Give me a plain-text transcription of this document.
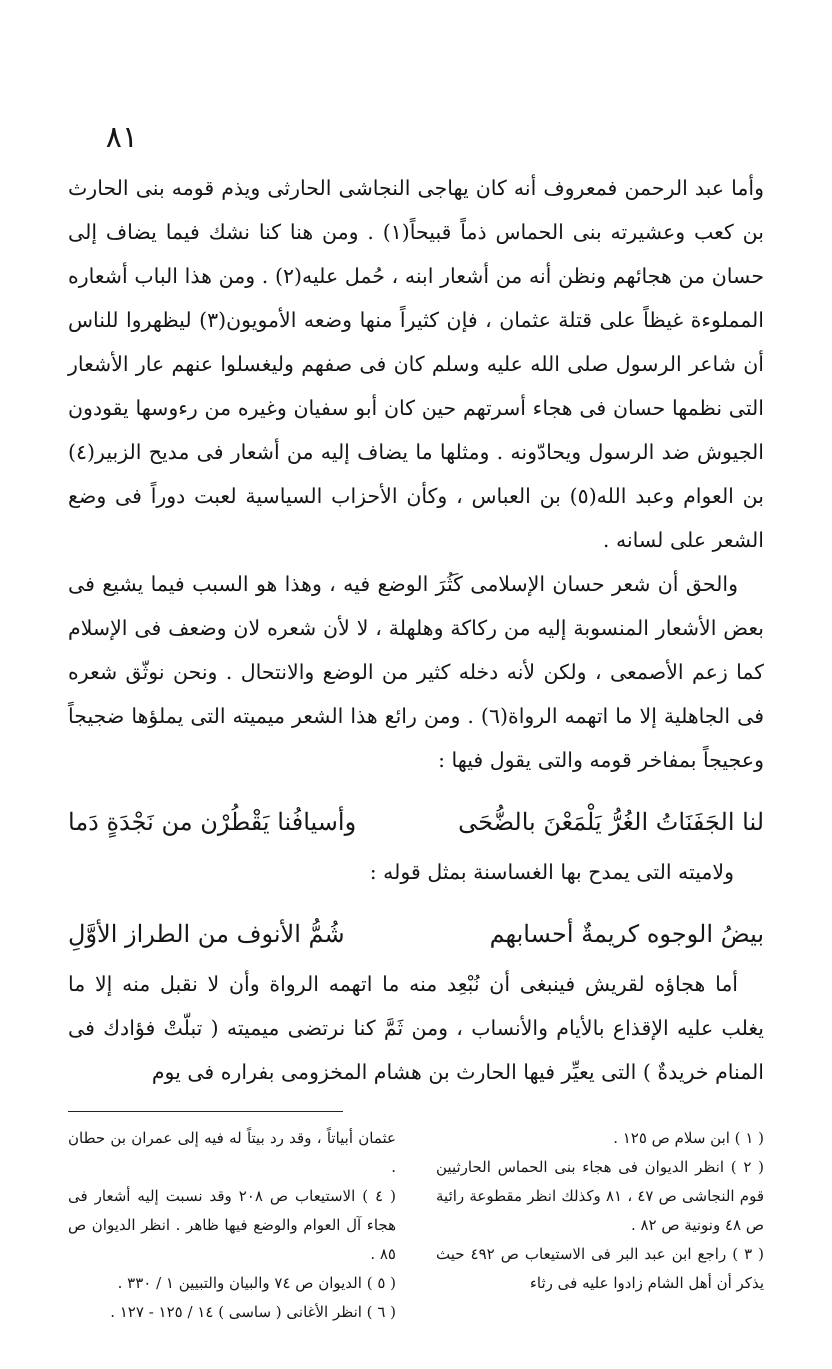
٨١

وأما عبد الرحمن فمعروف أنه كان يهاجى النجاشى الحارثى ويذم قومه بنى الحارث بن كعب وعشيرته بنى الحماس ذماً قبيحاً(١) . ومن هنا كنا نشك فيما يضاف إلى حسان من هجائهم ونظن أنه من أشعار ابنه ، حُمل عليه(٢) . ومن هذا الباب أشعاره المملوءة غيظاً على قتلة عثمان ، فإن كثيراً منها وضعه الأمويون(٣) ليظهروا للناس أن شاعر الرسول صلى الله عليه وسلم كان فى صفهم وليغسلوا عنهم عار الأشعار التى نظمها حسان فى هجاء أسرتهم حين كان أبو سفيان وغيره من رءوسها يقودون الجيوش ضد الرسول ويحادّونه . ومثلها ما يضاف إليه من أشعار فى مديح الزبير(٤) بن العوام وعبد الله(٥) بن العباس ، وكأن الأحزاب السياسية لعبت دوراً فى وضع الشعر على لسانه .

والحق أن شعر حسان الإسلامى كَثُرَ الوضع فيه ، وهذا هو السبب فيما يشيع فى بعض الأشعار المنسوبة إليه من ركاكة وهلهلة ، لا لأن شعره لان وضعف فى الإسلام كما زعم الأصمعى ، ولكن لأنه دخله كثير من الوضع والانتحال . ونحن نوثّق شعره فى الجاهلية إلا ما اتهمه الرواة(٦) . ومن رائع هذا الشعر ميميته التى يملؤها ضجيجاً وعجيجاً بمفاخر قومه والتى يقول فيها :

لنا الجَفَنَاتُ الغُرُّ يَلْمَعْنَ بالضُّحَى
وأسيافُنا يَقْطُرْن من نَجْدَةٍ دَما

ولاميته التى يمدح بها الغساسنة بمثل قوله :

بيضُ الوجوه كريمةٌ أحسابهم
شُمُّ الأنوف من الطراز الأوَّلِ

أما هجاؤه لقريش فينبغى أن نُبْعِد منه ما اتهمه الرواة وأن لا نقبل منه إلا ما يغلب عليه الإقذاع بالأيام والأنساب ، ومن ثَمَّ كنا نرتضى ميميته ( تبلّتْ فؤادك فى المنام خريدةٌ ) التى يعيِّر فيها الحارث بن هشام المخزومى بفراره فى يوم

( ١ ) ابن سلام ص ١٢٥ .

( ٢ ) انظر الديوان فى هجاء بنى الحماس الحارثيين قوم النجاشى ص ٤٧ ، ٨١ وكذلك انظر مقطوعة رائية ص ٤٨ ونونية ص ٨٢ .

( ٣ ) راجع ابن عبد البر فى الاستيعاب ص ٤٩٢ حيث يذكر أن أهل الشام زادوا عليه فى رثاء

عثمان أبياتاً ، وقد رد بيتاً له فيه إلى عمران بن حطان .

( ٤ ) الاستيعاب ص ٢٠٨ وقد نسبت إليه أشعار فى هجاء آل العوام والوضع فيها ظاهر . انظر الديوان ص ٨٥ .

( ٥ ) الديوان ص ٧٤ والبيان والتبيين ١ / ٣٣٠ .

( ٦ ) انظر الأغانى ( ساسى ) ١٤ / ١٢٥ - ١٢٧ .
